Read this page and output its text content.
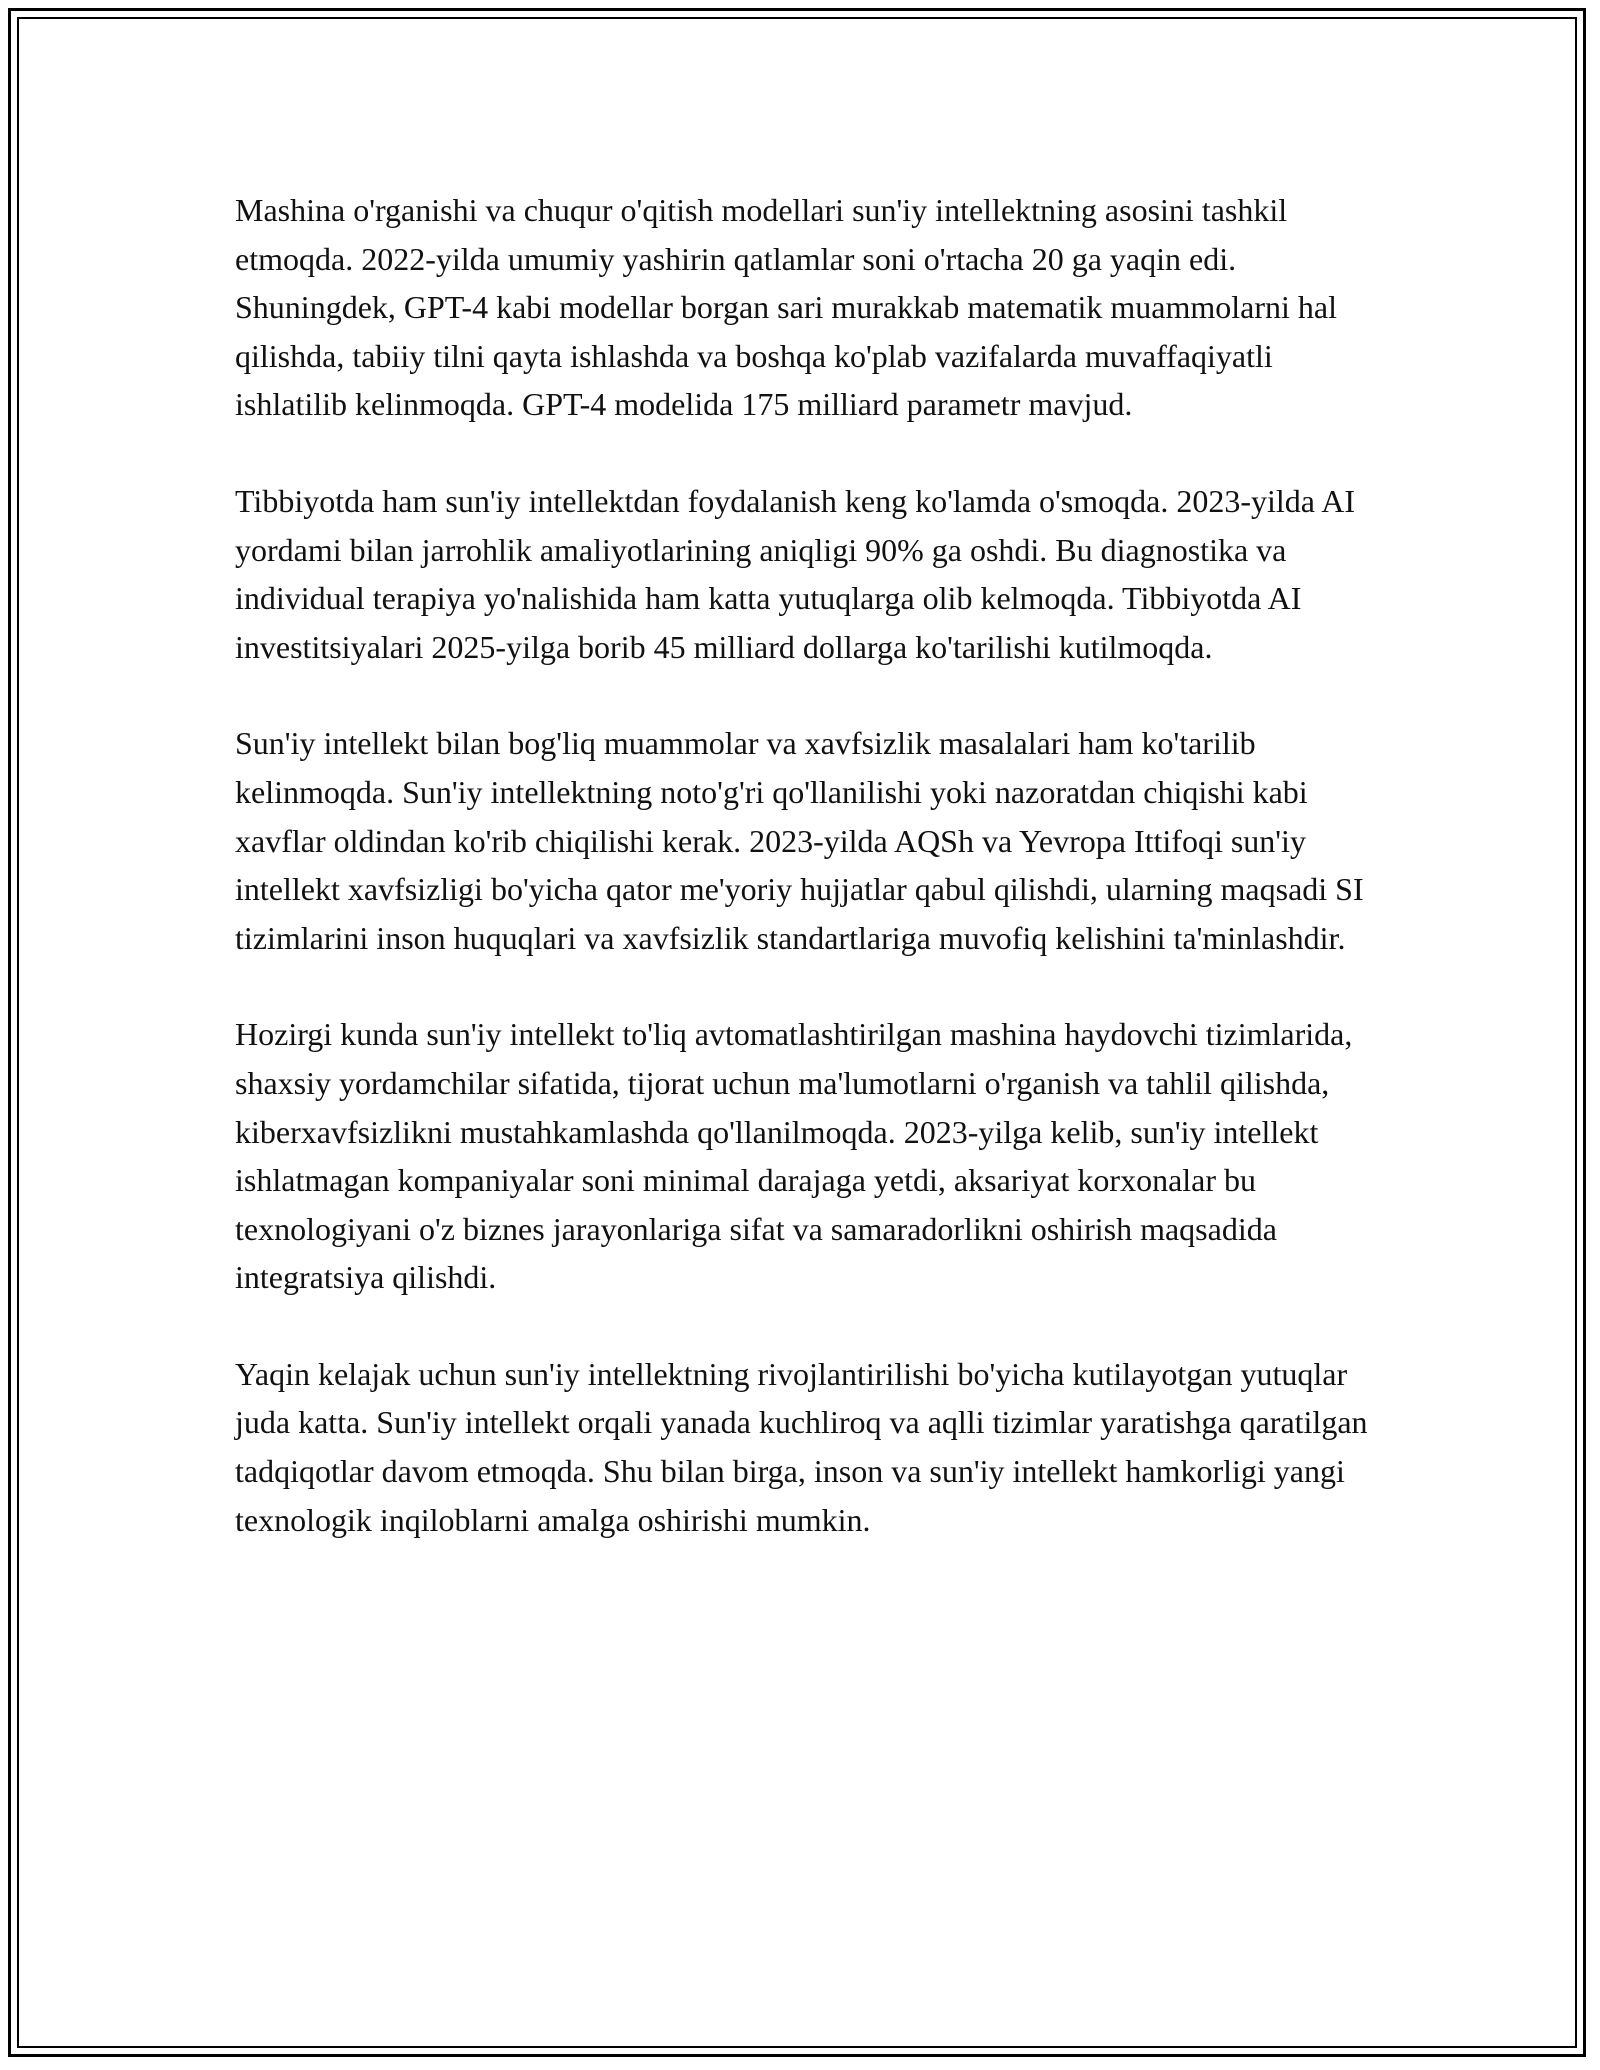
Mashina o'rganishi va chuqur o'qitish modellari sun'iy intellektning asosini tashkil etmoqda. 2022-yilda umumiy yashirin qatlamlar soni o'rtacha 20 ga yaqin edi. Shuningdek, GPT-4 kabi modellar borgan sari murakkab matematik muammolarni hal qilishda, tabiiy tilni qayta ishlashda va boshqa ko'plab vazifalarda muvaffaqiyatli ishlatilib kelinmoqda. GPT-4 modelida 175 milliard parametr mavjud.

Tibbiyotda ham sun'iy intellektdan foydalanish keng ko'lamda o'smoqda. 2023-yilda AI yordami bilan jarrohlik amaliyotlarining aniqligi 90% ga oshdi. Bu diagnostika va individual terapiya yo'nalishida ham katta yutuqlarga olib kelmoqda. Tibbiyotda AI investitsiyalari 2025-yilga borib 45 milliard dollarga ko'tarilishi kutilmoqda.

Sun'iy intellekt bilan bog'liq muammolar va xavfsizlik masalalari ham ko'tarilib kelinmoqda. Sun'iy intellektning noto'g'ri qo'llanilishi yoki nazoratdan chiqishi kabi xavflar oldindan ko'rib chiqilishi kerak. 2023-yilda AQSh va Yevropa Ittifoqi sun'iy intellekt xavfsizligi bo'yicha qator me'yoriy hujjatlar qabul qilishdi, ularning maqsadi SI tizimlarini inson huquqlari va xavfsizlik standartlariga muvofiq kelishini ta'minlashdir.

Hozirgi kunda sun'iy intellekt to'liq avtomatlashtirilgan mashina haydovchi tizimlarida, shaxsiy yordamchilar sifatida, tijorat uchun ma'lumotlarni o'rganish va tahlil qilishda, kiberxavfsizlikni mustahkamlashda qo'llanilmoqda. 2023-yilga kelib, sun'iy intellekt ishlatmagan kompaniyalar soni minimal darajaga yetdi, aksariyat korxonalar bu texnologiyani o'z biznes jarayonlariga sifat va samaradorlikni oshirish maqsadida integratsiya qilishdi.

Yaqin kelajak uchun sun'iy intellektning rivojlantirilishi bo'yicha kutilayotgan yutuqlar juda katta. Sun'iy intellekt orqali yanada kuchliroq va aqlli tizimlar yaratishga qaratilgan tadqiqotlar davom etmoqda. Shu bilan birga, inson va sun'iy intellekt hamkorligi yangi texnologik inqiloblarni amalga oshirishi mumkin.
